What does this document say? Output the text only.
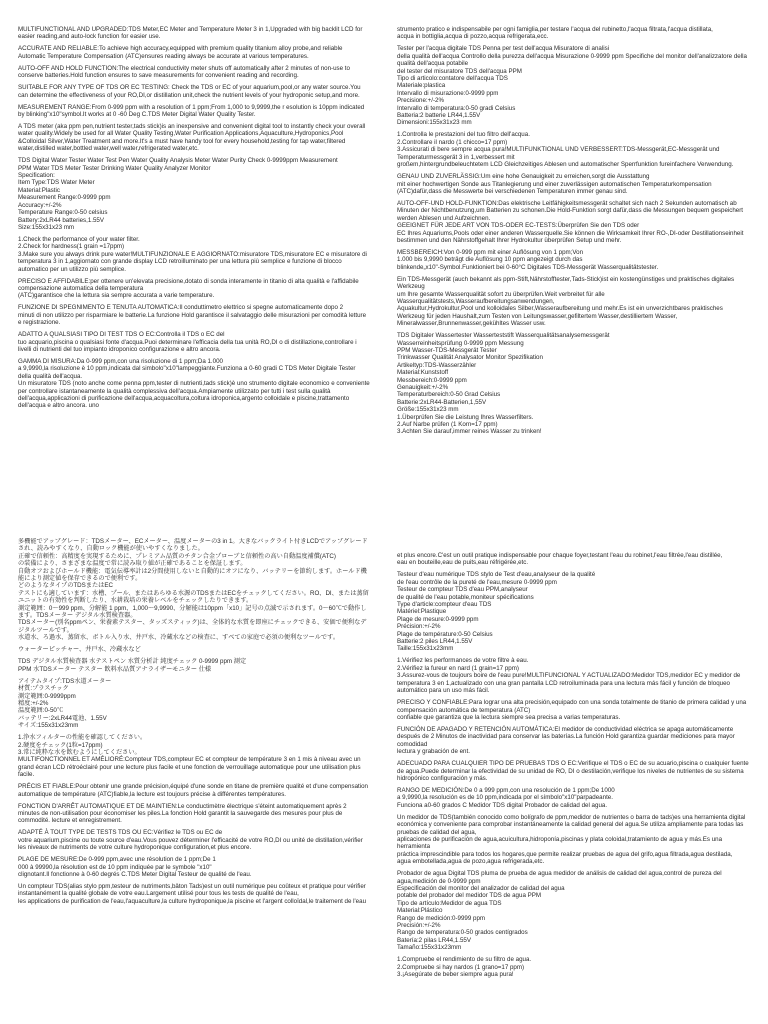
MULTIFUNCTIONAL AND UPGRADED:TDS Meter,EC Meter and Temperature Meter 3 in 1,Upgraded with big backlit LCD for easier reading,and auto-lock function for easier use.

ACCURATE AND RELIABLE:To achieve high accuracy,equipped with premium quality titanium alloy probe,and reliable Automatic Temperature Compensation (ATC)ensures reading always be accurate at various temperatures.

AUTO-OFF AND HOLD FUNCTION:The electrical conductivity meter shuts off automatically after 2 minutes of non-use to conserve batteries.Hold function ensures to save measurements for convenient reading and recording.

SUITABLE FOR ANY TYPE OF TDS OR EC TESTING: Check the TDS or EC of your aquarium,pool,or any water source.You can determine the effectiveness of your RO,DI,or distillation unit,check the nutrient levels of your hydroponic setup,and more.

MEASUREMENT RANGE:From 0-999 ppm with a resolution of 1 ppm;From 1,000 to 9,9999,the r esolution is 10ppm indicated by blinking"x10"symbol.It works at 0 -60 Deg C.TDS Meter Digital Water Quality Tester.

A TDS meter (aka ppm pen,nutrient tester,tads stick)is an inexpensive and convenient digital tool to instantly check your overall water quality.Widely be used for all Water Quality Testing,Water Purification Applications,Aquaculture,Hydroponics,Pool &Colloidal Silver,Water Treatment and more.It's a must have handy tool for every household,testing for tap water,filtered water,distilled water,bottled water,well water,refrigerated water,etc.

TDS Digital Water Tester Water Test Pen Water Quality Analysis Meter Water Purity Check 0-9999ppm Measurement
PPM Water TDS Meter Tester Drinking Water Quality Analyzer Monitor
Specification:
Item Type:TDS Water Meter
Material:Plastic
Measurement Range:0-9999 ppm
Accuracy:+/-2%
Temperature Range:0-50 celsius
Battery:2xLR44 batteries,1.55V
Size:155x31x23 mm

1.Check the performance of your water filter.
2.Check for hardness(1 grain =17ppm)
3.Make sure you always drink pure water!MULTIFUNZIONALE E AGGIORNATO:misuratore TDS,misuratore EC e misuratore di temperatura 3 in 1,aggiornato con grande display LCD retroilluminato per una lettura più semplice e funzione di blocco automatico per un utilizzo più semplice.

PRECISO E AFFIDABILE:per ottenere un'elevata precisione,dotato di sonda interamente in titanio di alta qualità e l'affidabile compensazione automatica della temperatura
(ATC)garantisce che la lettura sia sempre accurata a varie temperature.

FUNZIONE DI SPEGNIMENTO E TENUTA AUTOMATICA:Il conduttimetro elettrico si spegne automaticamente dopo 2
minuti di non utilizzo per risparmiare le batterie.La funzione Hold garantisce il salvataggio delle misurazioni per comodità letture e registrazione.

ADATTO A QUALSIASI TIPO DI TEST TDS O EC:Controlla il TDS o EC del
tuo acquario,piscina o qualsiasi fonte d'acqua.Puoi determinare l'efficacia della tua unità RO,DI o di distillazione,controllare i livelli di nutrienti del tuo impianto idroponico configurazione e altro ancora.

GAMMA DI MISURA:Da 0-999 ppm,con una risoluzione di 1 ppm;Da 1.000
a 9,9990,la risoluzione è 10 ppm,indicata dal simbolo"x10"lampeggiante.Funziona a 0-60 gradi C TDS Meter Digitale Tester della qualità dell'acqua.
Un misuratore TDS (noto anche come penna ppm,tester di nutrienti,tads stick)è uno strumento digitale economico e conveniente per controllare istantaneamente la qualità complessiva dell'acqua.Ampiamente utilizzato per tutti i test sulla qualità dell'acqua,applicazioni di purificazione dell'acqua,acquacoltura,coltura idroponica,argento colloidale e piscine,trattamento dell'acqua e altro ancora. uno

strumento pratico e indispensabile per ogni famiglia,per testare l'acqua del rubinetto,l'acqua filtrata,l'acqua distillata,
acqua in bottiglia,acqua di pozzo,acqua refrigerata,ecc.

Tester per l'acqua digitale TDS Penna per test dell'acqua Misuratore di analisi
della qualità dell'acqua Controllo della purezza dell'acqua Misurazione 0-9999 ppm Specifiche del monitor dell'analizzatore della qualità dell'acqua potabile
del tester del misuratore TDS dell'acqua PPM
Tipo di articolo:contatore dell'acqua TDS
Materiale:plastica
Intervallo di misurazione:0-9999 ppm
Precisione:+/-2%
Intervallo di temperatura:0-50 gradi Celsius
Batteria:2 batterie LR44,1.55V
Dimensioni:155x31x23 mm

1.Controlla le prestazioni del tuo filtro dell'acqua.
2.Controllare il nardo (1 chicco=17 ppm)
3.Assicurati di bere sempre acqua pura!MULTIFUNKTIONAL UND VERBESSERT:TDS-Messgerät,EC-Messgerät und Temperaturmessgerät 3 in 1,verbessert mit
großem,hintergrundbeleuchtetem LCD Gleichzeitiges Ablesen und automatischer Sperrfunktion fureinfachere Verwendung.

GENAU UND ZUVERLÄSSIG:Um eine hohe Genauigkeit zu erreichen,sorgt die Ausstattung
mit einer hochwertigen Sonde aus Titanlegierung und einer zuverlässigen automatischen Temperaturkompensation (ATC)dafür,dass die Messwerte bei verschiedenen Temperaturen immer genau sind.

AUTO-OFF-UND HOLD-FUNKTION:Das elektrische Leitfähigkeitsmessgerät schaltet sich nach 2 Sekunden automatisch ab Minuten der Nichtbenutzung,um Batterien zu schonen.Die Hold-Funktion sorgt dafür,dass die Messungen bequem gespeichert werden Ablesen und Aufzeichnen.
GEEIGNET FÜR JEDE ART VON TDS-ODER EC-TESTS:Überprüfen Sie den TDS oder
EC Ihres Aquariums,Pools oder einer anderen Wasserquelle.Sie können die Wirksamkeit Ihrer RO-,DI-oder Destillationseinheit bestimmen und den Nährstoffgehalt Ihrer Hydrokultur überprüfen Setup und mehr.

MESSBEREICH:Von 0-999 ppm mit einer Auflösung von 1 ppm;Von
1.000 bis 9,9990 beträgt die Auflösung 10 ppm angezeigt durch das
blinkende„x10"-Symbol.Funktioniert bei 0-60°C Digitales TDS-Messgerät Wasserqualitätstester.

Ein TDS-Messgerät (auch bekannt als ppm-Stift,Nährstofftester,Tads-Stick)ist ein kostengünstiges und praktisches digitales Werkzeug
um Ihre gesamte Wasserqualität sofort zu überprüfen.Weit verbreitet für alle Wasserqualitätstests,Wasseraufbereitungsanwendungen,
Aquakultur,Hydrokultur,Pool und kolloidales Silber,Wasseraufbereitung und mehr.Es ist ein unverzichtbares praktisches Werkzeug für jeden Haushalt,zum Testen von Leitungswasser,gefiltertem Wasser,destilliertem Wasser,
Mineralwasser,Brunnenwasser,gekühltes Wasser usw.

TDS Digitaler Wassertester Wasserteststift Wasserqualitätsanalysemessgerät
Wasserreinheitsprüfung 0-9999 ppm Messung
PPM Wasser-TDS-Messgerät Tester
Trinkwasser Qualität Analysator Monitor Spezifikation
Artikeltyp:TDS-Wasserzähler
Material:Kunststoff
Messbereich:0-9999 ppm
Genauigkeit:+/-2%
Temperaturbereich:0-50 Grad Celsius
Batterie:2xLR44-Batterien,1,55V
Größe:155x31x23 mm
1.Überprüfen Sie die Leistung Ihres Wasserfilters.
2.Auf Narbe prüfen (1 Korn=17 ppm)
3.Achten Sie darauf,immer reines Wasser zu trinken!

多機能でアップグレード：TDSメーター、ECメーター、温度メーターの3 in 1。大きなバックライト付きLCDでアップグレードされ、読みやすくなり、自動ロック機能が使いやすくなりました。
正確で信頼性：高精度を実現するために、プレミアム品質のチタン合金プローブと信頼性の高い自動温度補償(ATC)
の装備により、さまざまな温度で常に読み取り値が正確であることを保証します。
自動オフおよびホールド機能：電気伝導率計は2分間使用しないと自動的にオフになり、バッテリーを節約します。ホールド機能により測定値を保存できるので便利です。
どのようなタイプのTDSまたはEC
テストにも適しています：水槽、プール、またはあらゆる水源のTDSまたはECをチェックしてください。RO、DI、または蒸留ユニットの有効性を判断したり、水耕栽培の栄養レベルをチェックしたりできます。
測定範囲：0～999 ppm、分解能 1 ppm、1,000～9,9990、分解能は10ppm「x10」記号の点滅で示されます。0～60℃で動作します。TDSメーター デジタル水質検査器。
TDSメーター(別名ppmペン、栄養素テスター、タッズスティック)は、全体的な水質を即座にチェックできる、安価で便利なデジタルツールです。
水道水、ろ過水、蒸留水、ボトル入り水、井戸水、冷蔵水などの検査に、すべての家庭で必須の便利なツールです。

ウォーターピッチャー、井戸水、冷蔵水など

TDS デジタル水質検査器 水テストペン 水質分析計 純度チェック 0-9999 ppm 測定
PPM 水TDSメーター テスター 飲料水品質アナライザーモニター 仕様

アイテムタイプ:TDS水道メーター
材質:プラスチック
測定範囲:0-9999ppm
精度:+/-2%
温度範囲:0-50℃
バッテリー:2xLR44電池、1.55V
サイズ:155x31x23mm

1.浄水フィルターの性能を確認してください。
2.硬度をチェック(1粒=17ppm)
3.常に純粋な水を飲むようにしてください。
MULTIFONCTIONNEL ET AMÉLIORÉ:Compteur TDS,compteur EC et compteur de température 3 en 1 mis à niveau avec un grand écran LCD rétroéclairé pour une lecture plus facile et une fonction de verrouillage automatique pour une utilisation plus facile.

PRÉCIS ET FIABLE:Pour obtenir une grande précision,équipé d'une sonde en titane de première qualité et d'une compensation automatique de température (ATC)fiable,la lecture est toujours précise à différentes températures.

FONCTION D'ARRÊT AUTOMATIQUE ET DE MAINTIEN:Le conductimètre électrique s'éteint automatiquement après 2
minutes de non-utilisation pour économiser les piles.La fonction Hold garantit la sauvegarde des mesures pour plus de commodité. lecture et enregistrement.

ADAPTÉ À TOUT TYPE DE TESTS TDS OU EC:Vérifiez le TDS ou EC de
votre aquarium,piscine ou toute source d'eau.Vous pouvez déterminer l'efficacité de votre RO,DI ou unité de distillation,vérifier les niveaux de nutriments de votre culture hydroponique configuration,et plus encore.

PLAGE DE MESURE:De 0-999 ppm,avec une résolution de 1 ppm;De 1
000 à 99990,la résolution est de 10 ppm indiquée par le symbole "x10"
clignotant.Il fonctionne à 0-60 degrés C.TDS Meter Digital Testeur de qualité de l'eau.

Un compteur TDS(alias stylo ppm,testeur de nutriments,bâton Tads)est un outil numérique peu coûteux et pratique pour vérifier instantanément la qualité globale de votre eau.Largement utilisé pour tous les tests de qualité de l'eau,
les applications de purification de l'eau,l'aquaculture,la culture hydroponique,la piscine et l'argent colloïdal,le traitement de l'eau

et plus encore.C'est un outil pratique indispensable pour chaque foyer,testant l'eau du robinet,l'eau filtrée,l'eau distillée,
eau en bouteille,eau de puits,eau réfrigérée,etc.

Testeur d'eau numérique TDS stylo de Test d'eau,analyseur de la qualité
de l'eau contrôle de la pureté de l'eau,mesure 0-9999 ppm
Testeur de compteur TDS d'eau PPM,analyseur
de qualité de l'eau potable,moniteur spécifications
Type d'article:compteur d'eau TDS
Matériel:Plastique
Plage de mesure:0-9999 ppm
Précision:+/-2%
Plage de température:0-50 Celsius
Batterie:2 piles LR44,1.55V
Taille:155x31x23mm

1.Vérifiez les performances de votre filtre à eau.
2.Vérifiez la fureur en nard (1 grain=17 ppm)
3.Assurez-vous de toujours boire de l'eau pure!MULTIFUNCIONAL Y ACTUALIZADO:Medidor TDS,medidor EC y medidor de temperatura 3 en 1,actualizado con una gran pantalla LCD retroiluminada para una lectura más fácil y función de bloqueo automático para un uso más fácil.

PRECISO Y CONFIABLE:Para lograr una alta precisión,equipado con una sonda totalmente de titanio de primera calidad y una compensación automática de temperatura (ATC)
confiable que garantiza que la lectura siempre sea precisa a varias temperaturas.

FUNCIÓN DE APAGADO Y RETENCIÓN AUTOMÁTICA:El medidor de conductividad eléctrica se apaga automáticamente después de 2 Minutos de inactividad para conservar las baterías.La función Hold garantiza guardar mediciones para mayor comodidad
lectura y grabación de ent.

ADECUADO PARA CUALQUIER TIPO DE PRUEBAS TDS O EC:Verifique el TDS o EC de su acuario,piscina o cualquier fuente de agua.Puede determinar la efectividad de su unidad de RO, DI o destilación,verifique los niveles de nutrientes de su sistema hidropónico configuración y más.

RANGO DE MEDICIÓN:De 0 a 999 ppm,con una resolución de 1 ppm;De 1000
a 9,9990,la resolución es de 10 ppm,indicada por el símbolo"x10"parpadeante.
Funciona a0-60 grados C Medidor TDS digital Probador de calidad del agua.

Un medidor de TDS(también conocido como bolígrafo de ppm,medidor de nutrientes o barra de tads)es una herramienta digital económica y conveniente para comprobar instantáneamente la calidad general del agua.Se utiliza ampliamente para todas las pruebas de calidad del agua,
aplicaciones de purificación de agua,acuicultura,hidroponía,piscinas y plata coloidal,tratamiento de agua y más.Es una herramienta
práctica imprescindible para todos los hogares,que permite realizar pruebas de agua del grifo,agua filtrada,agua destilada,
agua embotellada,agua de pozo,agua refrigerada,etc.

Probador de agua Digital TDS pluma de prueba de agua medidor de análisis de calidad del agua,control de pureza del agua,medición de 0-9999 ppm
Especificación del monitor del analizador de calidad del agua
potable del probador del medidor TDS de agua PPM
Tipo de artículo:Medidor de agua TDS
Material:Plástico
Rango de medición:0-9999 ppm
Precisión:+/-2%
Rango de temperatura:0-50 grados centígrados
Batería:2 pilas LR44,1.55V
Tamaño:155x31x23mm

1.Compruebe el rendimiento de su filtro de agua.
2.Compruebe si hay nardos (1 grano=17 ppm)
3.¡Asegúrate de beber siempre agua pura!
